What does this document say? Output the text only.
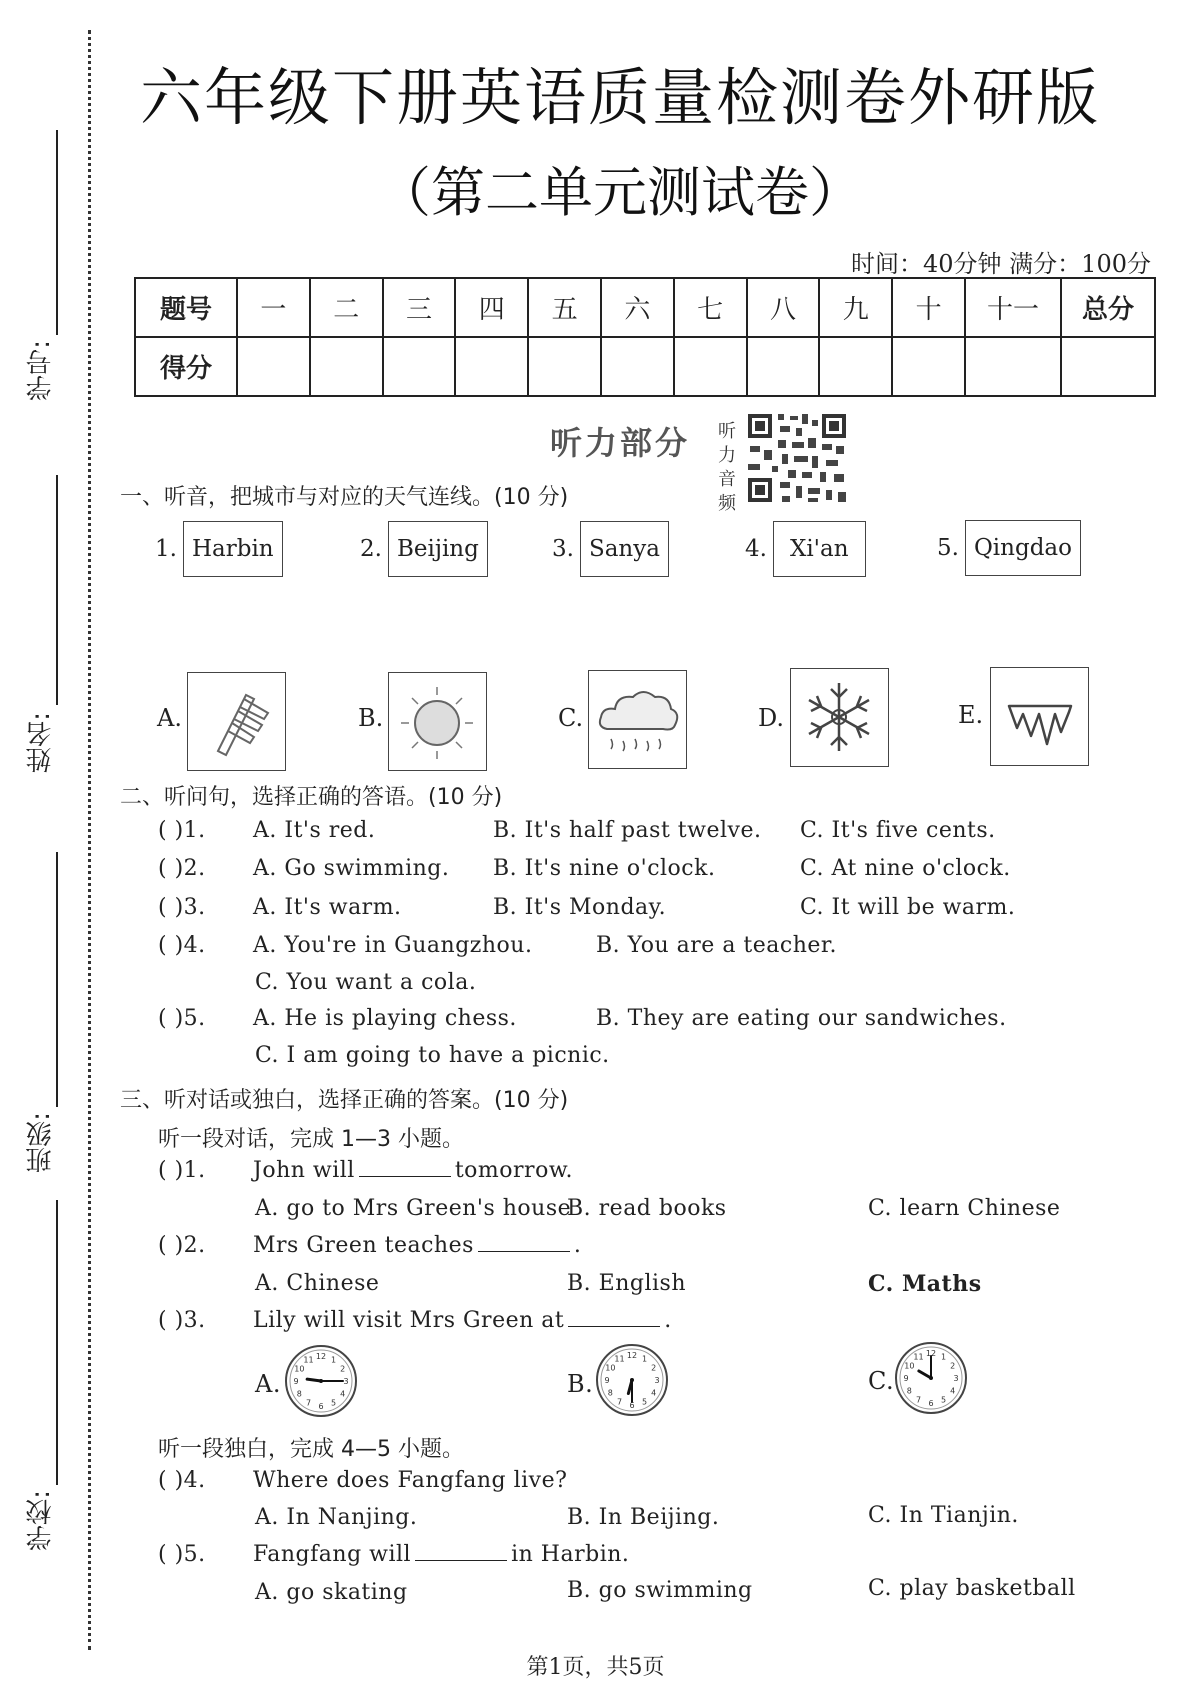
学号:
姓名:
班级:
学校:
六年级下册英语质量检测卷外研版
（第二单元测试卷）
时间：40分钟 满分：100分
题号	一	二	三	四	五	六	七	八	九	十	十一	总分
得分												
听力部分	听力音频
一、听音，把城市与对应的天气连线。(10 分)
1. Harbin	2. Beijing	3. Sanya	4. Xi'an	5. Qingdao
A.	B.	C.	D.	E.
二、听问句，选择正确的答语。(10 分)
( )1. A. It's red.	B. It's half past twelve. C. It's five cents.
( )2. A. Go swimming. B. It's nine o'clock.	C. At nine o'clock.
( )3. A. It's warm.	B. It's Monday.	C. It will be warm.
( )4. A. You're in Guangzhou.	B. You are a teacher.
C. You want a cola.
( )5. A. He is playing chess.	B. They are eating our sandwiches.
C. I am going to have a picnic.
三、听对话或独白，选择正确的答案。(10 分)
听一段对话，完成 1—3 小题。
( )1. John will	tomorrow.
A. go to Mrs Green's house
B. read books	C. learn Chinese
( )2. Mrs Green teaches	.
A. Chinese	B. English	C. Maths
( )3. Lily will visit Mrs Green at	.
A.
1
2
3
4
5
6
7
8
9
10
11 12
B.
1
2
3
4
5
6
7
8
9
10
11 12
C.
1
2
3
4
5
6
7
8
9
10
11 12
听一段独白，完成 4—5 小题。
( )4. Where does Fangfang live?
A. In Nanjing.	B. In Beijing.	C. In Tianjin.
( )5. Fangfang will	in Harbin.
A. go skating	B. go swimming	C. play basketball
第1页，共5页
